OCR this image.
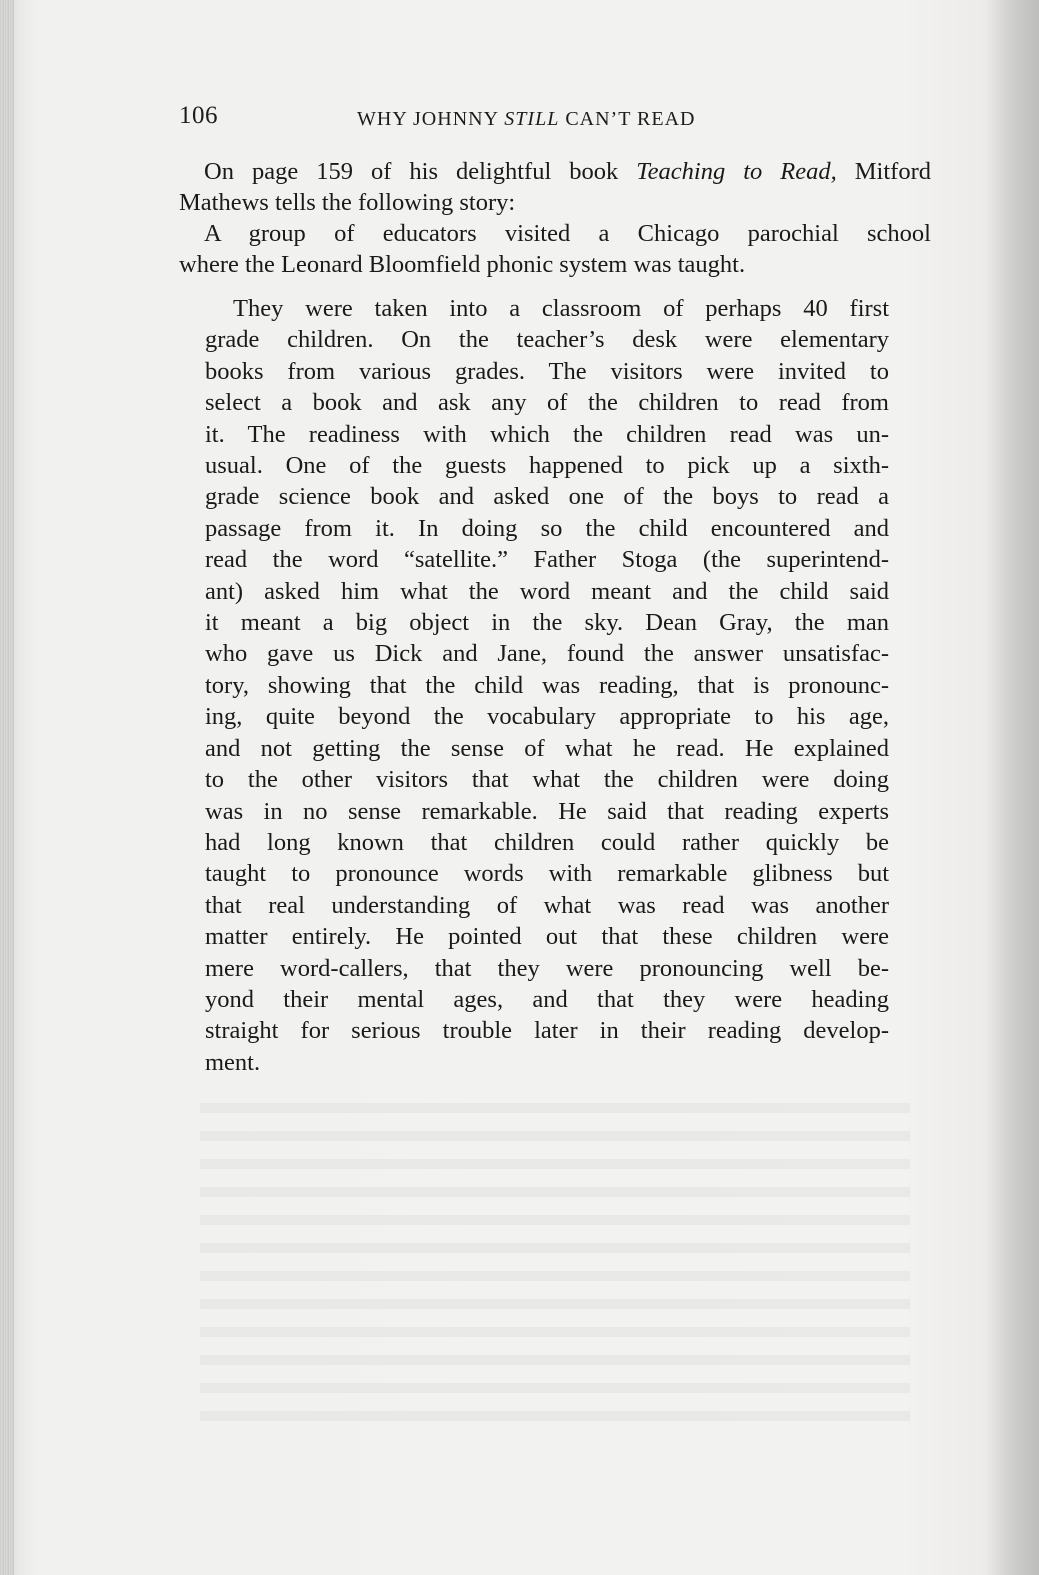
106	WHY JOHNNY STILL CAN’T READ
On page 159 of his delightful book Teaching to Read, Mitford
Mathews tells the following story:
A group of educators visited a Chicago parochial school
where the Leonard Bloomfield phonic system was taught.
They were taken into a classroom of perhaps 40 first
grade children. On the teacher’s desk were elementary
books from various grades. The visitors were invited to
select a book and ask any of the children to read from
it. The readiness with which the children read was un-
usual. One of the guests happened to pick up a sixth-
grade science book and asked one of the boys to read a
passage from it. In doing so the child encountered and
read the word “satellite.” Father Stoga (the superintend-
ant) asked him what the word meant and the child said
it meant a big object in the sky. Dean Gray, the man
who gave us Dick and Jane, found the answer unsatisfac-
tory, showing that the child was reading, that is pronounc-
ing, quite beyond the vocabulary appropriate to his age,
and not getting the sense of what he read. He explained
to the other visitors that what the children were doing
was in no sense remarkable. He said that reading experts
had long known that children could rather quickly be
taught to pronounce words with remarkable glibness but
that real understanding of what was read was another
matter entirely. He pointed out that these children were
mere word-callers, that they were pronouncing well be-
yond their mental ages, and that they were heading
straight for serious trouble later in their reading develop-
ment.
